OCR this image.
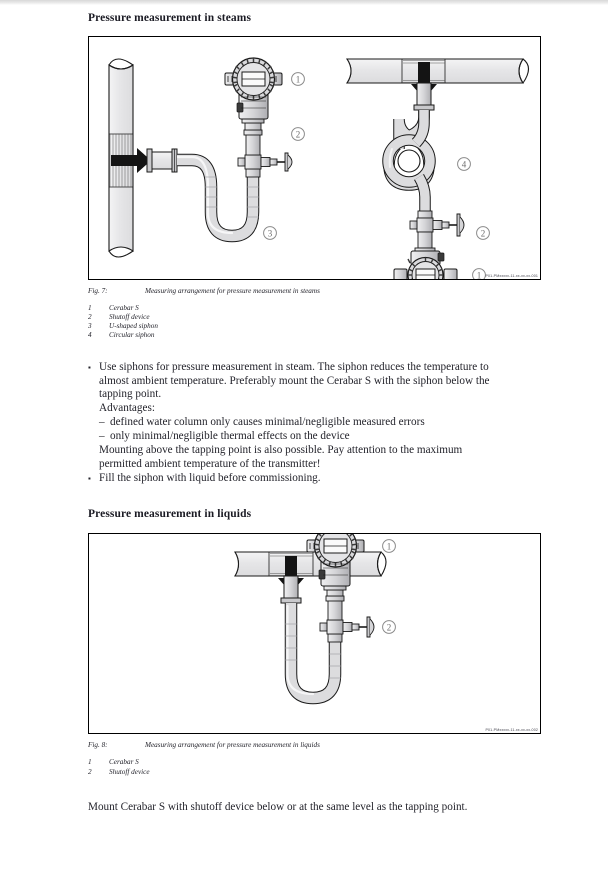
Pressure measurement in steams
1
2
3
4
2
1 P01-PMxxxxx-11-xx-xx-xx-001
Fig. 7:	Measuring arrangement for pressure measurement in steams
1	Cerabar S
2	Shutoff device
3	U-shaped siphon
4	Circular siphon
▪ Use siphons for pressure measurement in steam. The siphon reduces the temperature to
almost ambient temperature. Preferably mount the Cerabar S with the siphon below the
tapping point.
Advantages:
– defined water column only causes minimal/negligible measured errors
– only minimal/negligible thermal effects on the device
Mounting above the tapping point is also possible. Pay attention to the maximum
permitted ambient temperature of the transmitter!
▪ Fill the siphon with liquid before commissioning.
Pressure measurement in liquids
1
2
P01-PMxxxxx-11-xx-xx-xx-002
Fig. 8:	Measuring arrangement for pressure measurement in liquids
1	Cerabar S
2	Shutoff device
Mount Cerabar S with shutoff device below or at the same level as the tapping point.
